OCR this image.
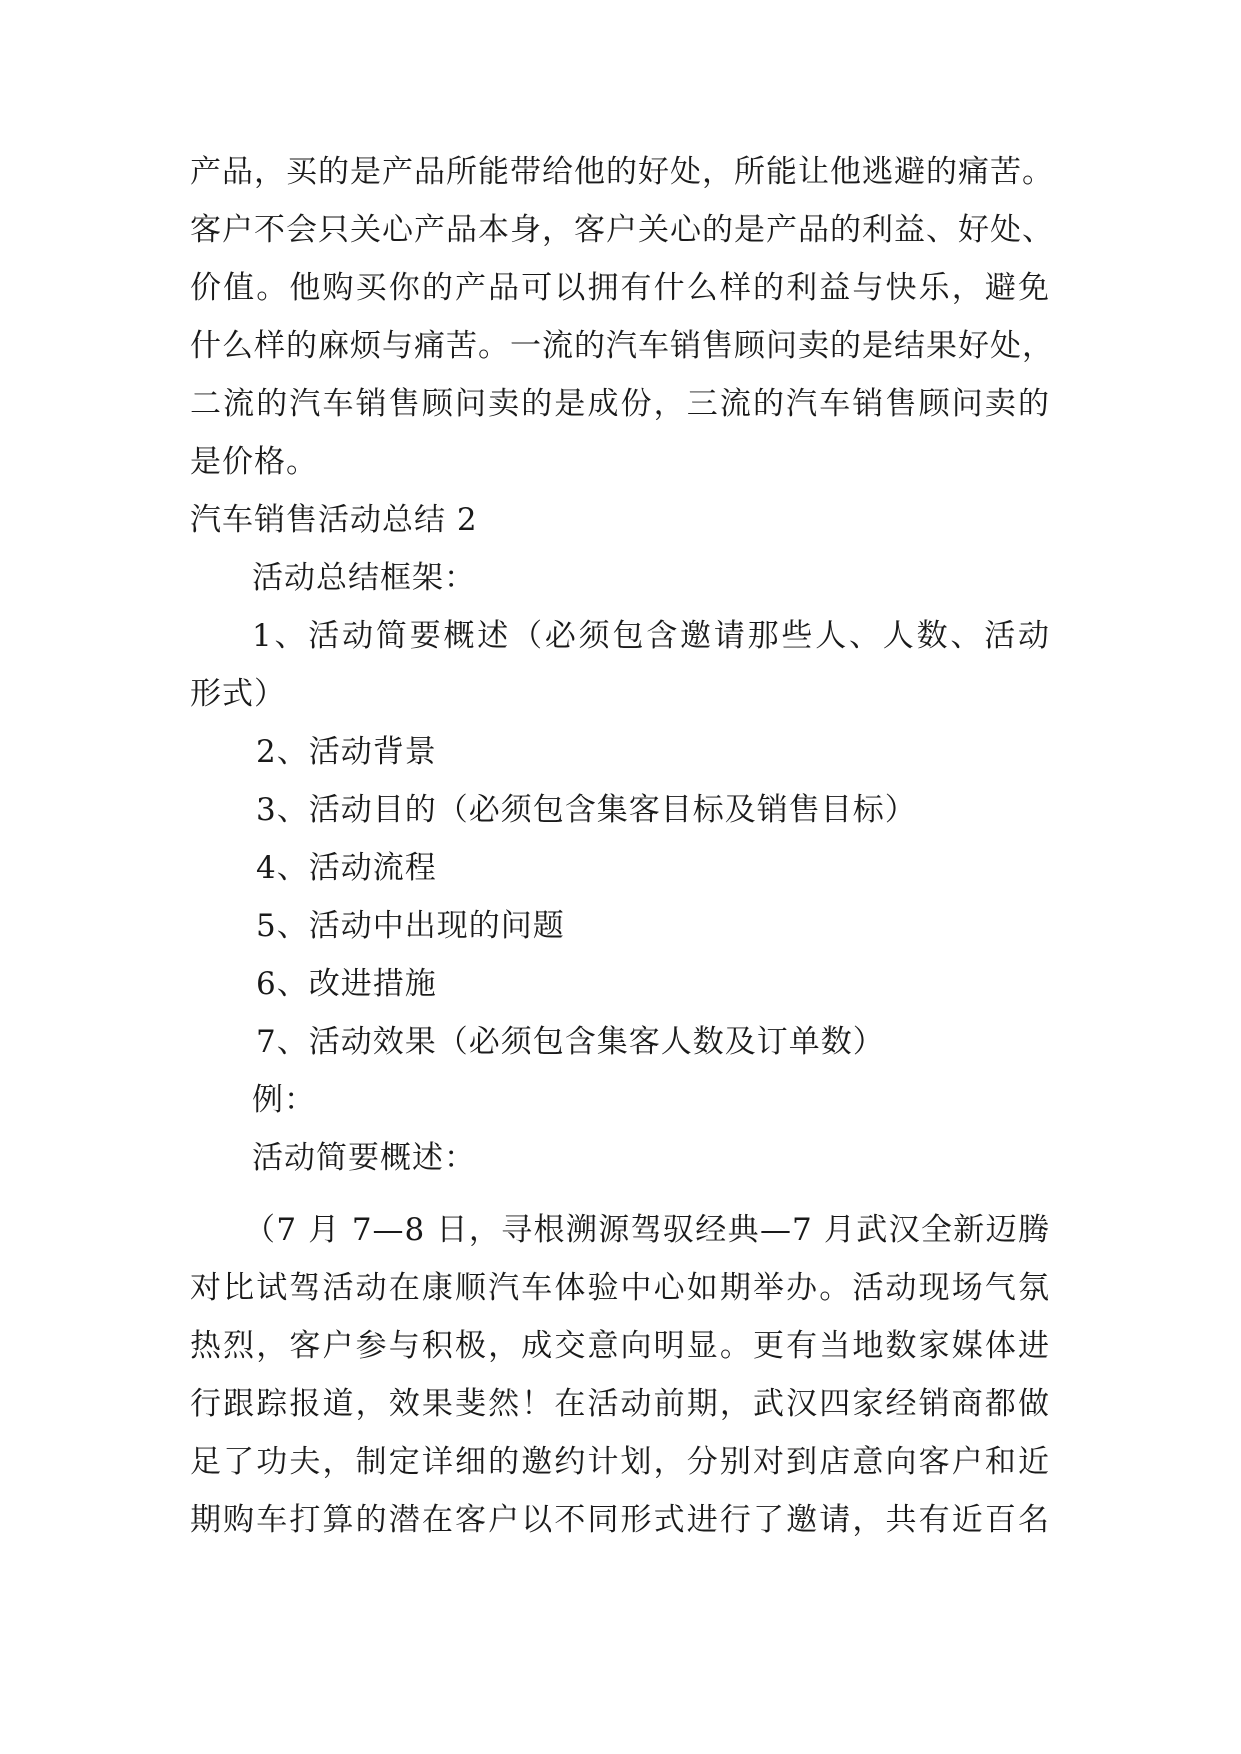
产品，买的是产品所能带给他的好处，所能让他逃避的痛苦。
客户不会只关心产品本身，客户关心的是产品的利益、好处、
价值。他购买你的产品可以拥有什么样的利益与快乐，避免
什么样的麻烦与痛苦。一流的汽车销售顾问卖的是结果好处，
二流的汽车销售顾问卖的是成份，三流的汽车销售顾问卖的
是价格。
汽车销售活动总结 2
活动总结框架：
1、活动简要概述（必须包含邀请那些人、人数、活动
形式）
2、活动背景
3、活动目的（必须包含集客目标及销售目标）
4、活动流程
5、活动中出现的问题
6、改进措施
7、活动效果（必须包含集客人数及订单数）
例：
活动简要概述：
（7 月 7—8 日，寻根溯源驾驭经典—7 月武汉全新迈腾
对比试驾活动在康顺汽车体验中心如期举办。活动现场气氛
热烈，客户参与积极，成交意向明显。更有当地数家媒体进
行跟踪报道，效果斐然！在活动前期，武汉四家经销商都做
足了功夫，制定详细的邀约计划，分别对到店意向客户和近
期购车打算的潜在客户以不同形式进行了邀请，共有近百名
